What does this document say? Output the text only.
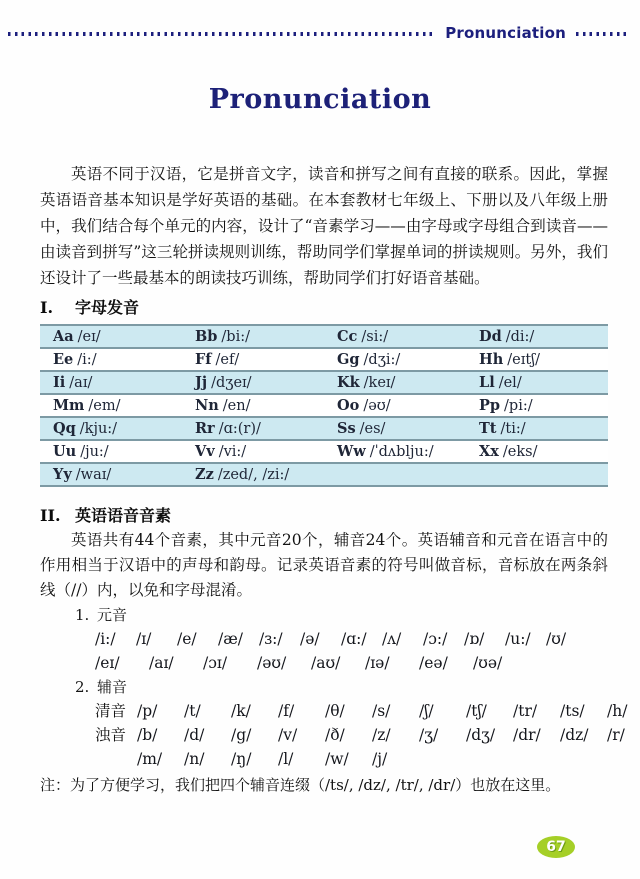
Pronunciation
Pronunciation

英语不同于汉语，它是拼音文字，读音和拼写之间有直接的联系。因此，掌握英语语音基本知识是学好英语的基础。在本套教材七年级上、下册以及八年级上册中，我们结合每个单元的内容，设计了“音素学习——由字母或字母组合到读音——由读音到拼写”这三轮拼读规则训练，帮助同学们掌握单词的拼读规则。另外，我们还设计了一些最基本的朗读技巧训练，帮助同学们打好语音基础。

I.	字母发音
Aa /eɪ/	Bb /bi:/	Cc /si:/	Dd /di:/
Ee /i:/	Ff /ef/	Gg /dʒi:/	Hh /eɪtʃ/
Ii /aɪ/	Jj /dʒeɪ/	Kk /keɪ/	Ll /el/
Mm /em/	Nn /en/	Oo /əʊ/	Pp /pi:/
Qq /kju:/	Rr /ɑ:(r)/	Ss /es/	Tt /ti:/
Uu /ju:/	Vv /vi:/	Ww /ˈdʌblju:/	Xx /eks/
Yy /waɪ/	Zz /zed/, /zi:/
II. 英语语音音素

英语共有44个音素，其中元音20个，辅音24个。英语辅音和元音在语言中的作用相当于汉语中的声母和韵母。记录英语音素的符号叫做音标，音标放在两条斜线（//）内，以免和字母混淆。

1. 元音
/i:/ /ɪ/ /e/ /æ/ /ɜ:/ /ə/ /ɑ:/ /ʌ/ /ɔ:/ /ɒ/ /u:/ /ʊ/
/eɪ/ /aɪ/ /ɔɪ/ /əʊ/ /aʊ/ /ɪə/ /eə/ /ʊə/
2. 辅音
清音 /p/ /t/ /k/ /f/ /θ/ /s/ /ʃ/ /tʃ/ /tr/ /ts/ /h/
浊音 /b/ /d/ /g/ /v/ /ð/ /z/ /ʒ/ /dʒ/ /dr/ /dz/ /r/
/m/ /n/ /ŋ/ /l/ /w/ /j/

注：为了方便学习，我们把四个辅音连缀（/ts/, /dz/, /tr/, /dr/）也放在这里。

67
